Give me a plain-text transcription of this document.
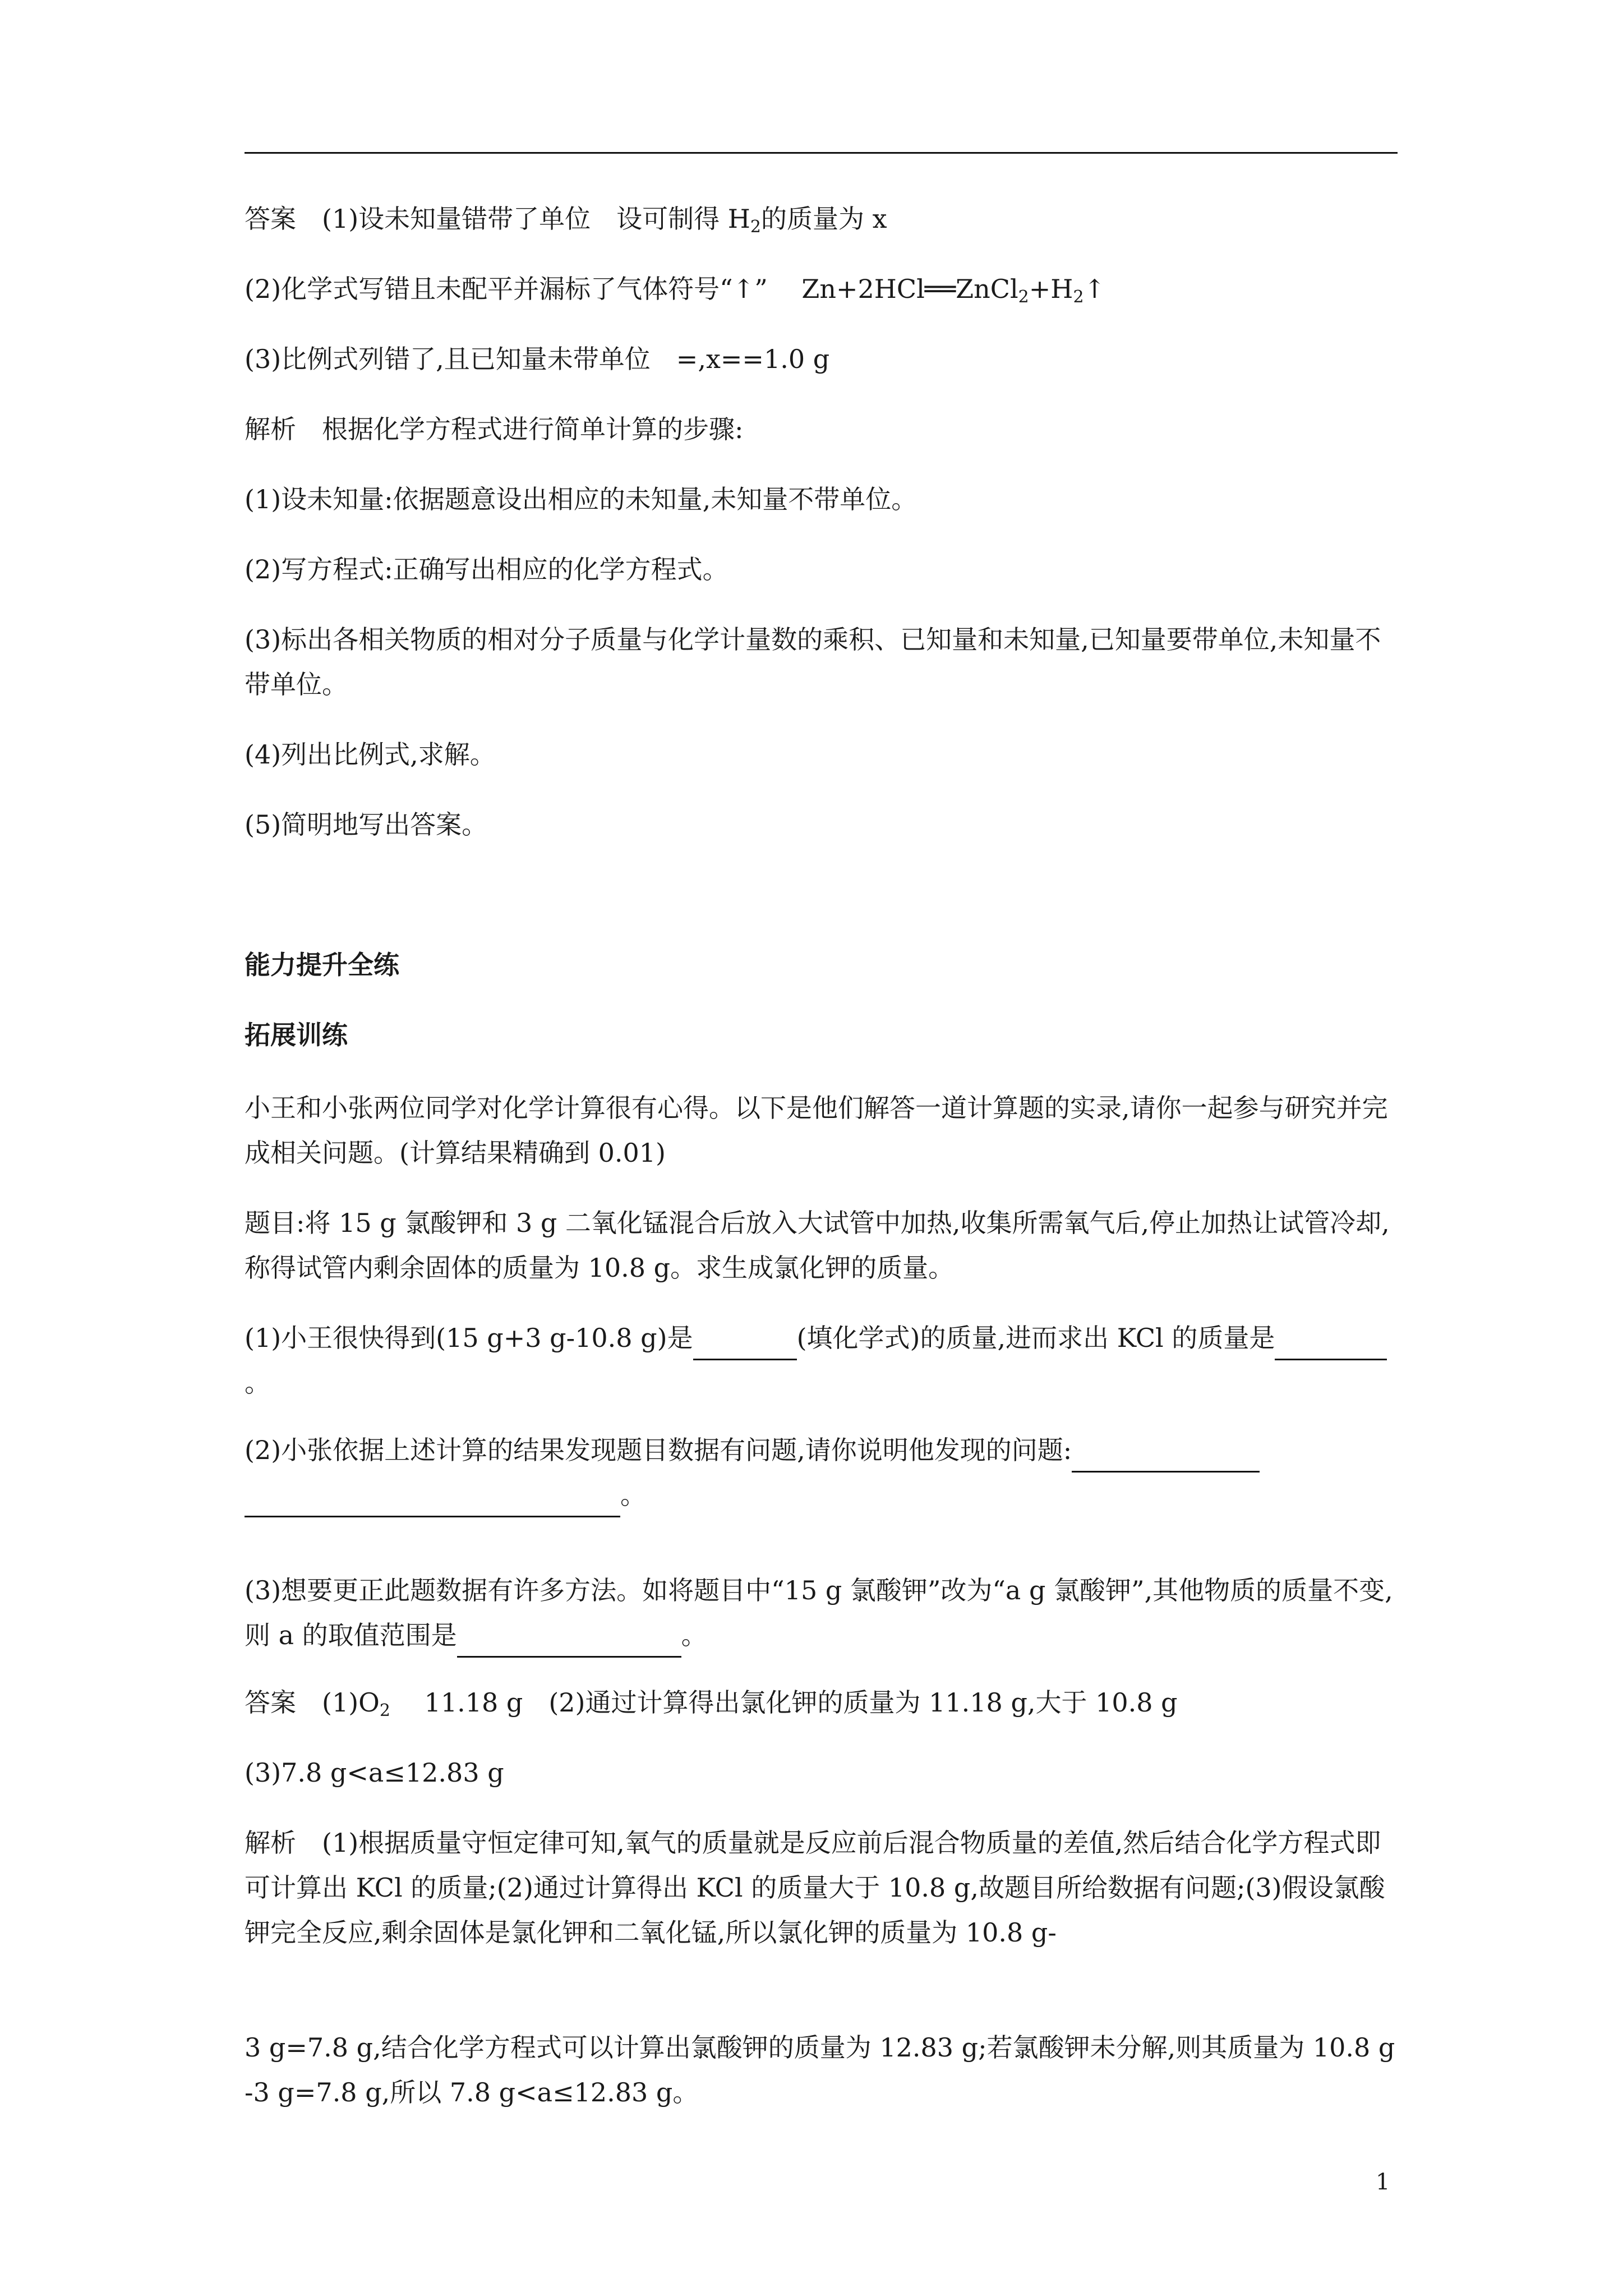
答案　(1)设未知量错带了单位　设可制得 $H_2$的质量为 x

(2)化学式写错且未配平并漏标了气体符号“↑”　 $Zn+2HCl══ZnCl_2+H_2↑$

(3)比例式列错了,且已知量未带单位　=,x==1.0 g

解析　根据化学方程式进行简单计算的步骤:

(1)设未知量:依据题意设出相应的未知量,未知量不带单位。

(2)写方程式:正确写出相应的化学方程式。

(3)标出各相关物质的相对分子质量与化学计量数的乘积、已知量和未知量,已知量要带单位,未知量不带单位。

(4)列出比例式,求解。

(5)简明地写出答案。

能力提升全练

拓展训练

小王和小张两位同学对化学计算很有心得。以下是他们解答一道计算题的实录,请你一起参与研究并完成相关问题。(计算结果精确到 0.01)

题目:将 15 g 氯酸钾和 3 g 二氧化锰混合后放入大试管中加热,收集所需氧气后,停止加热让试管冷却,称得试管内剩余固体的质量为 10.8 g。求生成氯化钾的质量。

(1)小王很快得到(15 g+3 g-10.8 g)是	(填化学式)的质量,进而求出 KCl 的质量是。

(2)小张依据上述计算的结果发现题目数据有问题,请你说明他发现的问题:
。

(3)想要更正此题数据有许多方法。如将题目中“15 g 氯酸钾”改为“a g 氯酸钾”,其他物质的质量不变,则 a 的取值范围是	。

答案　$(1)O_2$　 11.18 g　(2)通过计算得出氯化钾的质量为 11.18 g,大于 10.8 g

(3)7.8 g<a≤12.83 g

解析　(1)根据质量守恒定律可知,氧气的质量就是反应前后混合物质量的差值,然后结合化学方程式即可计算出 KCl 的质量;(2)通过计算得出 KCl 的质量大于 10.8 g,故题目所给数据有问题;(3)假设氯酸钾完全反应,剩余固体是氯化钾和二氧化锰,所以氯化钾的质量为 10.8 g-

3 g=7.8 g,结合化学方程式可以计算出氯酸钾的质量为 12.83 g;若氯酸钾未分解,则其质量为 10.8 g-3 g=7.8 g,所以 7.8 g<a≤12.83 g。

1
